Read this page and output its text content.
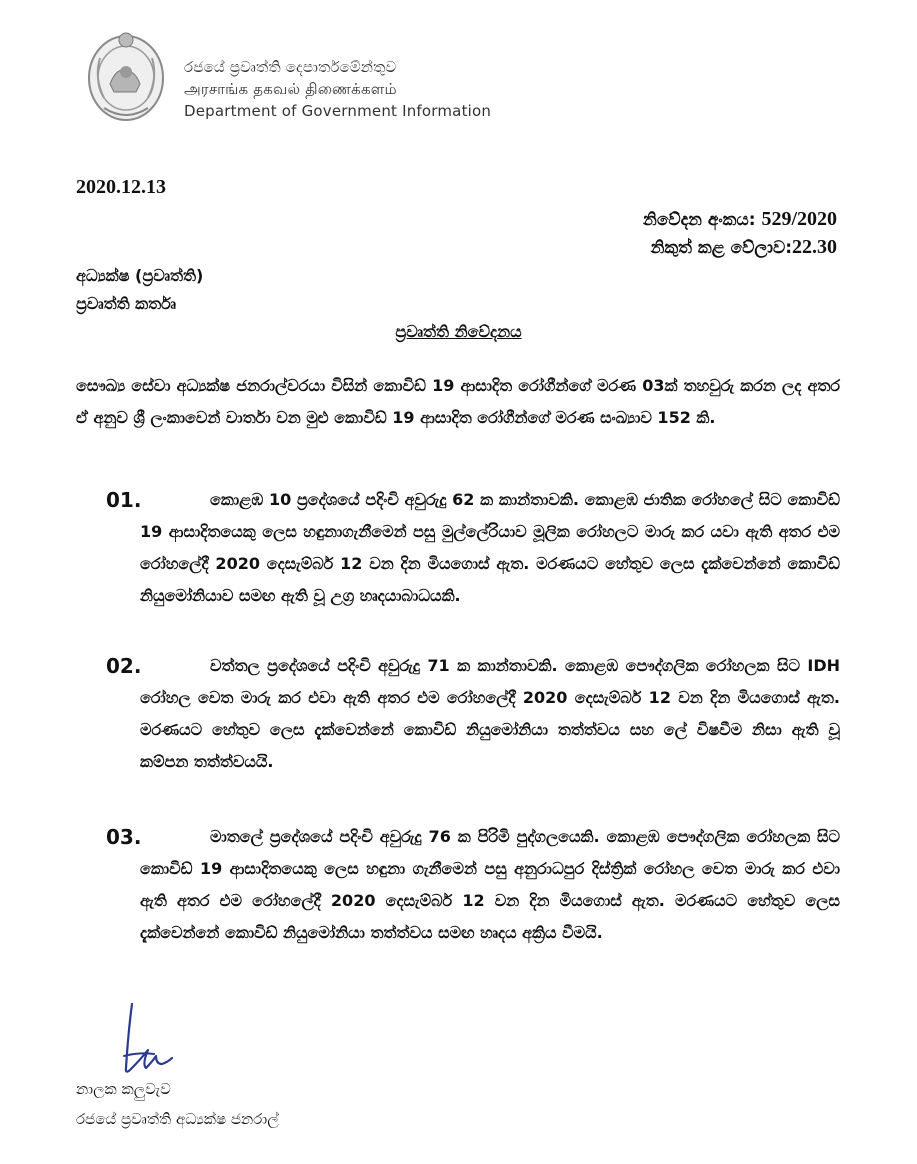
රජයේ ප්‍රවෘත්ති දෙපාර්තමේන්තුව
அரசாங்க தகவல் திணைக்களம்
Department of Government Information
2020.12.13
නිවේදන අංකය: 529/2020
නිකුත් කළ වේලාව:22.30
අධ්‍යක්ෂ (ප්‍රවෘත්ති)
ප්‍රවෘත්ති කර්තෘ
ප්‍රවෘත්ති නිවේදනය
සෞඛ්‍ය සේවා අධ්‍යක්ෂ ජනරාල්වරයා විසින් කොවිඩ් 19 ආසාදිත රෝගීන්ගේ මරණ 03ක් තහවුරු කරන ලද අතර ඒ අනුව ශ්‍රී ලංකාවෙන් වාර්තා වන මුළු කොවිඩ් 19 ආසාදිත රෝගීන්ගේ මරණ සංඛ්‍යාව 152 කි.
01.	කොළඹ 10 ප්‍රදේශයේ පදිංචි අවුරුදු 62 ක කාන්තාවකි. කොළඹ ජාතික රෝහලේ සිට කොවිඩ් 19 ආසාදිතයෙකු ලෙස හඳුනාගැනීමෙන් පසු මුල්ලේරියාව මූලික රෝහලට මාරු කර යවා ඇති අතර එම රෝහලේදී 2020 දෙසැම්බර් 12 වන දින මියගොස් ඇත. මරණයට හේතුව ලෙස දැක්වෙන්නේ කොවිඩ් නියුමෝනියාව සමඟ ඇති වූ උග්‍ර හෘදයාබාධයකි.
02.	වත්තල ප්‍රදේශයේ පදිංචි අවුරුදු 71 ක කාන්තාවකි. කොළඹ පෞද්ගලික රෝහලක සිට IDH රෝහල වෙත මාරු කර එවා ඇති අතර එම රෝහලේදී 2020 දෙසැම්බර් 12 වන දින මියගොස් ඇත. මරණයට හේතුව ලෙස දැක්වෙන්නේ කොවිඩ් නියුමෝනියා තත්ත්වය සහ ලේ විෂවීම නිසා ඇති වූ කම්පන තත්ත්වයයි.
03.	මාතලේ ප්‍රදේශයේ පදිංචි අවුරුදු 76 ක පිරිමි පුද්ගලයෙකි. කොළඹ පෞද්ගලික රෝහලක සිට කොවිඩ් 19 ආසාදිතයෙකු ලෙස හඳුනා ගැනීමෙන් පසු අනුරාධපුර දිස්ත්‍රික් රෝහල වෙත මාරු කර එවා ඇති අතර එම රෝහලේදී 2020 දෙසැම්බර් 12 වන දින මියගොස් ඇත. මරණයට හේතුව ලෙස දැක්වෙන්නේ කොවිඩ් නියුමෝනියා තත්ත්වය සමඟ හෘදය අක්‍රිය වීමයි.
නාලක කලුවැව
රජයේ ප්‍රවෘත්ති අධ්‍යක්ෂ ජනරාල්
